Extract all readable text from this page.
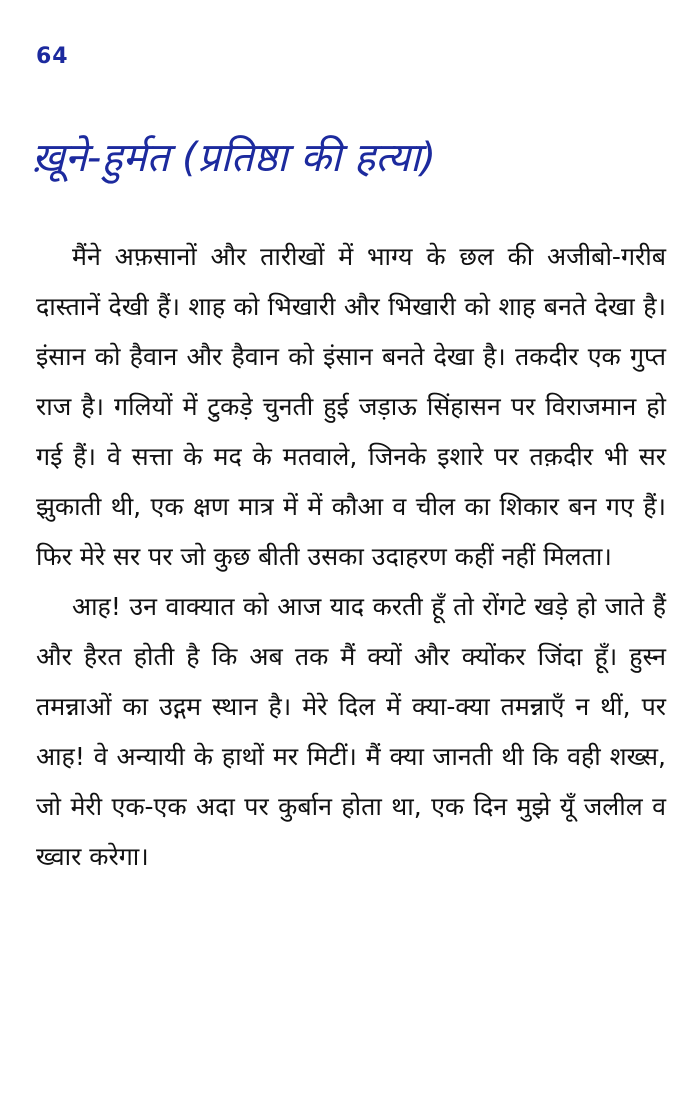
64
ख़ूने-हुर्मत (प्रतिष्ठा की हत्या)

मैंने अफ़सानों और तारीखों में भाग्य के छल की अजीबो-गरीब दास्तानें देखी हैं। शाह को भिखारी और भिखारी को शाह बनते देखा है। इंसान को हैवान और हैवान को इंसान बनते देखा है। तकदीर एक गुप्त राज है। गलियों में टुकड़े चुनती हुई जड़ाऊ सिंहासन पर विराजमान हो गई हैं। वे सत्ता के मद के मतवाले, जिनके इशारे पर तक़दीर भी सर झुकाती थी, एक क्षण मात्र में में कौआ व चील का शिकार बन गए हैं। फिर मेरे सर पर जो कुछ बीती उसका उदाहरण कहीं नहीं मिलता।

आह! उन वाक्यात को आज याद करती हूँ तो रोंगटे खड़े हो जाते हैं और हैरत होती है कि अब तक मैं क्यों और क्योंकर जिंदा हूँ। हुस्न तमन्नाओं का उद्गम स्थान है। मेरे दिल में क्या-क्या तमन्नाएँ न थीं, पर आह! वे अन्यायी के हाथों मर मिटीं। मैं क्या जानती थी कि वही शख्स, जो मेरी एक-एक अदा पर कुर्बान होता था, एक दिन मुझे यूँ जलील व ख्वार करेगा।
